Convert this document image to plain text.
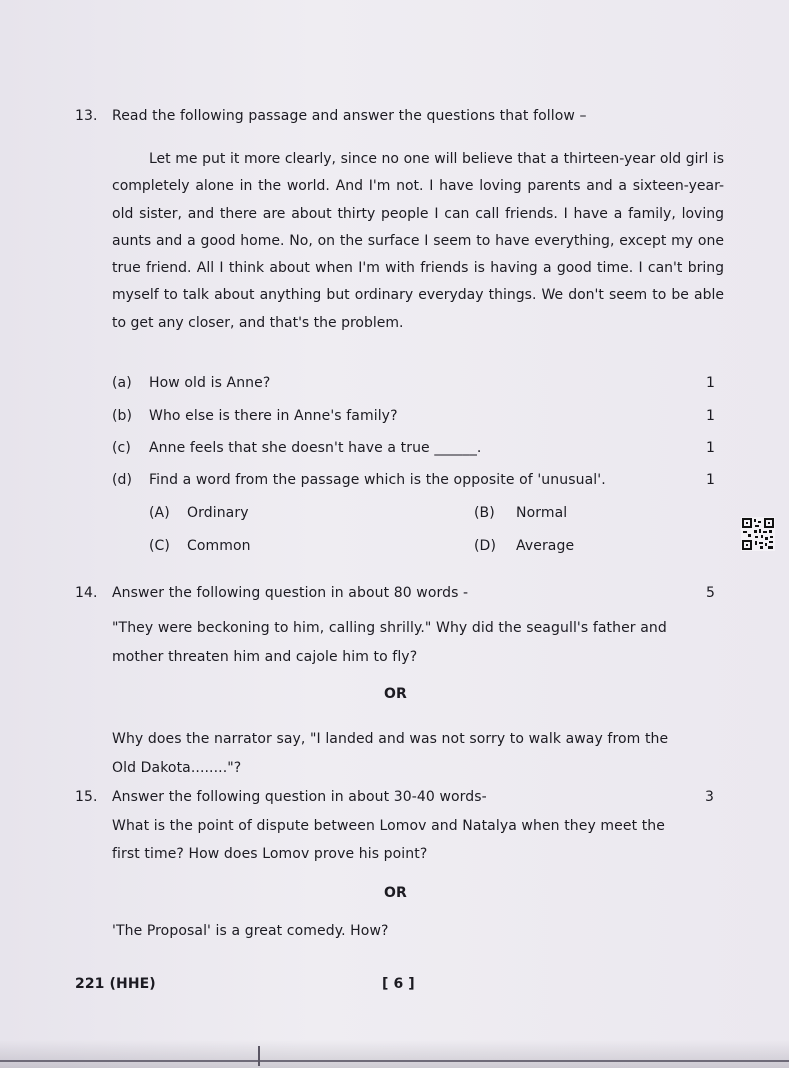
13. Read the following passage and answer the questions that follow –

Let me put it more clearly, since no one will believe that a thirteen-year old girl is completely alone in the world. And I'm not. I have loving parents and a sixteen-year-old sister, and there are about thirty people I can call friends. I have a family, loving aunts and a good home. No, on the surface I seem to have everything, except my one true friend. All I think about when I'm with friends is having a good time. I can't bring myself to talk about anything but ordinary everyday things. We don't seem to be able to get any closer, and that's the problem.

(a) How old is Anne?	1
(b) Who else is there in Anne's family?	1
(c) Anne feels that she doesn't have a true ______.	1
(d) Find a word from the passage which is the opposite of 'unusual'.	1
(A) Ordinary	(B) Normal
(C) Common	(D) Average
14. Answer the following question in about 80 words -	5
"They were beckoning to him, calling shrilly." Why did the seagull's father and
mother threaten him and cajole him to fly?
OR
Why does the narrator say, "I landed and was not sorry to walk away from the
Old Dakota........"?
15. Answer the following question in about 30-40 words-	3
What is the point of dispute between Lomov and Natalya when they meet the
first time? How does Lomov prove his point?
OR
'The Proposal' is a great comedy. How?
221 (HHE)	[ 6 ]
